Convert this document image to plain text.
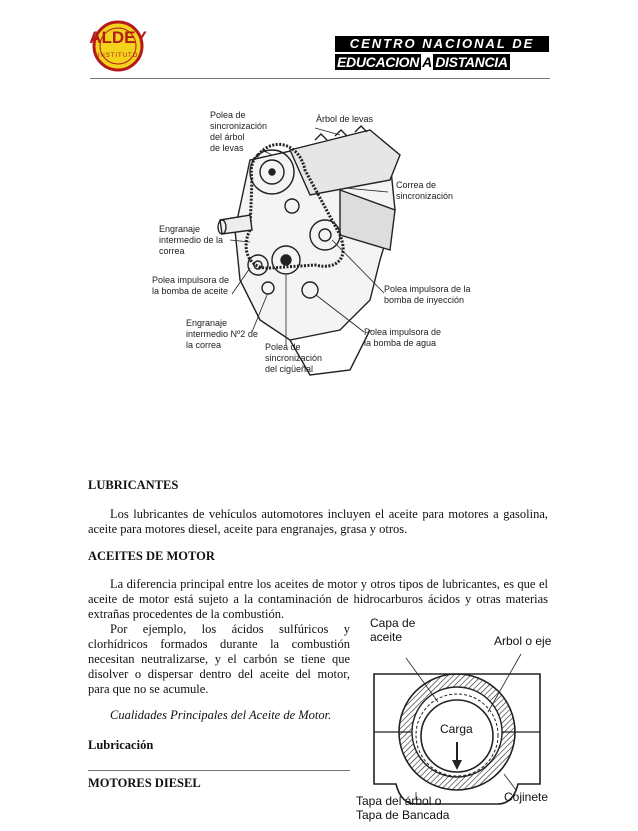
ALDEY
INSTITUTO
CENTRO NACIONAL DE
EDUCACION A DISTANCIA
Polea de
sincronización
del árbol
de levas
Árbol de levas
Correa de
sincronización
Engranaje
intermedio de la
correa
Polea impulsora de
la bomba de aceite	Polea impulsora de la
bomba de inyección
Engranaje
intermedio Nº2 de
la correa	Polea de
sincronización
del cigüeñal
Polea impulsora de
la bomba de agua
LUBRICANTES
Los lubricantes de vehículos automotores incluyen el aceite para motores a gasolina, aceite para motores diesel, aceite para engranajes, grasa y otros.
ACEITES DE MOTOR
La diferencia principal entre los aceites de motor y otros tipos de lubricantes, es que el aceite de motor está sujeto a la contaminación de hidrocarburos ácidos y otras materias extrañas procedentes de la combustión.
Por ejemplo, los ácidos sulfúricos y clorhídricos formados durante la combustión necesitan neutralizarse, y el carbón se tiene que disolver o dispersar dentro del aceite del motor, para que no se acumule.
Cualidades Principales del Aceite de Motor.
Lubricación
MOTORES DIESEL
Capa de
aceite	Arbol o eje
Carga
Tapa del árbol o
Tapa de Bancada
Cojinete
